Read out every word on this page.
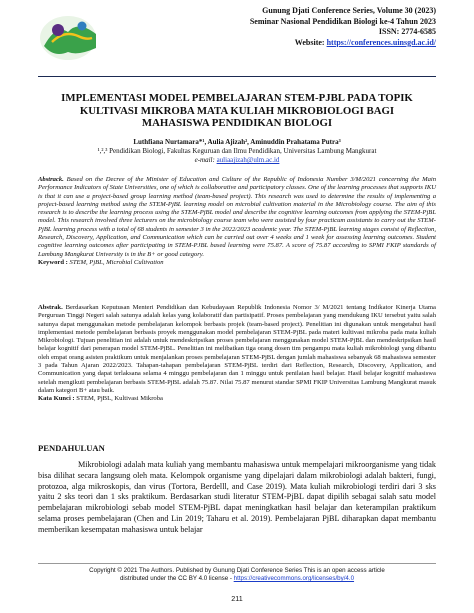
Gunung Djati Conference Series, Volume 30 (2023)
Seminar Nasional Pendidikan Biologi ke-4 Tahun 2023
ISSN: 2774-6585
Website: https://conferences.uinsgd.ac.id/
IMPLEMENTASI MODEL PEMBELAJARAN STEM-PJBL PADA TOPIK
KULTIVASI MIKROBA MATA KULIAH MIKROBIOLOGI BAGI
MAHASISWA PENDIDIKAN BIOLOGI
Luthfiana Nurtamara*¹, Aulia Ajizah², Aminuddin Prahatama Putra³
¹,²,³ Pendidikan Biologi, Fakultas Keguruan dan Ilmu Pendidikan, Universitas Lambung Mangkurat
e-mail: auliaajizah@ulm.ac.id
Abstrack. Based on the Decree of the Minister of Education and Culture of the Republic of Indonesia Number 3/M/2021 concerning the Main Performance Indicators of State Universities, one of which is collaborative and participatory classes. One of the learning processes that supports IKU is that it can use a project-based group learning method (team-based project). This research was used to determine the results of implementing a project-based learning method using the STEM-PjBL learning model on microbial cultivation material in the Microbiology course. The aim of this research is to describe the learning process using the STEM-PjBL model and describe the cognitive learning outcomes from applying the STEM-PjBL model. This research involved three lecturers on the microbiology course team who were assisted by four practicum assistants to carry out the STEM-PjBL learning process with a total of 68 students in semester 3 in the 2022/2023 academic year. The STEM-PjBL learning stages consist of Reflection, Research, Discovery, Application, and Communication which can be carried out over 4 weeks and 1 week for assessing learning outcomes. Student cognitive learning outcomes after participating in STEM-PJBL based learning were 75.87. A score of 75.87 according to SPMI FKIP standards of Lambung Mangkurat University is in the B+ or good category.
Keyword : STEM, PjBL, Microbial Cultivation
Abstrak. Berdasarkan Keputusan Menteri Pendidikan dan Kebudayaan Republik Indonesia Nomor 3/ M/2021 tentang Indikator Kinerja Utama Perguruan Tinggi Negeri salah satunya adalah kelas yang kolaboratif dan partisipatif. Proses pembelajaran yang mendukung IKU tersebut yaitu salah satunya dapat menggunakan metode pembelajaran kelompok berbasis projek (team-based project). Penelitian ini digunakan untuk mengetahui hasil implementasi metode pembelajaran berbasis proyek menggunakan model pembelajaran STEM-PjBL pada materi kultivasi mikroba pada mata kuliah Mikrobiologi. Tujuan penelitian ini adalah untuk mendeskripsikan proses pembelajaran menggunakan model STEM-PjBL dan mendeskripsikan hasil belajar kognitif dari penerapan model STEM-PjBL. Penelitian ini melibatkan tiga orang dosen tim pengampu mata kuliah mikrobiologi yang dibantu oleh empat orang asisten praktikum untuk menjalankan proses pembelajaran STEM-PjBL dengan jumlah mahasiswa sebanyak 68 mahasiswa semester 3 pada Tahun Ajaran 2022/2023. Tahapan-tahapan pembelajaran STEM-PjBL terdiri dari Reflection, Research, Discovery, Application, and Communication yang dapat terlaksana selama 4 minggu pembelajaran dan 1 minggu untuk penilaian hasil belajar. Hasil belajar kognitif mahasiswa setelah mengikuti pembelajaran berbasis STEM-PjBL adalah 75.87. Nilai 75.87 menurut standar SPMI FKIP Universitas Lambung Mangkurat masuk dalam kategori B+ atau baik.
Kata Kunci : STEM, PjBL, Kultivasi Mikroba
PENDAHULUAN

Mikrobiologi adalah mata kuliah yang membantu mahasiswa untuk mempelajari mikroorganisme yang tidak bisa dilihat secara langsung oleh mata. Kelompok organisme yang dipelajari dalam mikrobiologi adalah bakteri, fungi, protozoa, alga mikroskopis, dan virus (Tortora, Berdelll, and Case 2019). Mata kuliah mikrobiologi terdiri dari 3 sks yaitu 2 sks teori dan 1 sks praktikum. Berdasarkan studi literatur STEM-PjBL dapat dipilih sebagai salah satu model pembelajaran mikrobiologi sebab model STEM-PjBL dapat meningkatkan hasil belajar dan keterampilan praktikum selama proses pembelajaran (Chen and Lin 2019; Taharu et al. 2019). Pembelajaran PjBL diharapkan dapat membantu memberikan kesempatan mahasiswa untuk belajar

Copyright © 2021 The Authors. Published by Gunung Djati Conference Series This is an open access article
distributed under the CC BY 4.0 license - https://creativecommons.org/licenses/by/4.0
211
